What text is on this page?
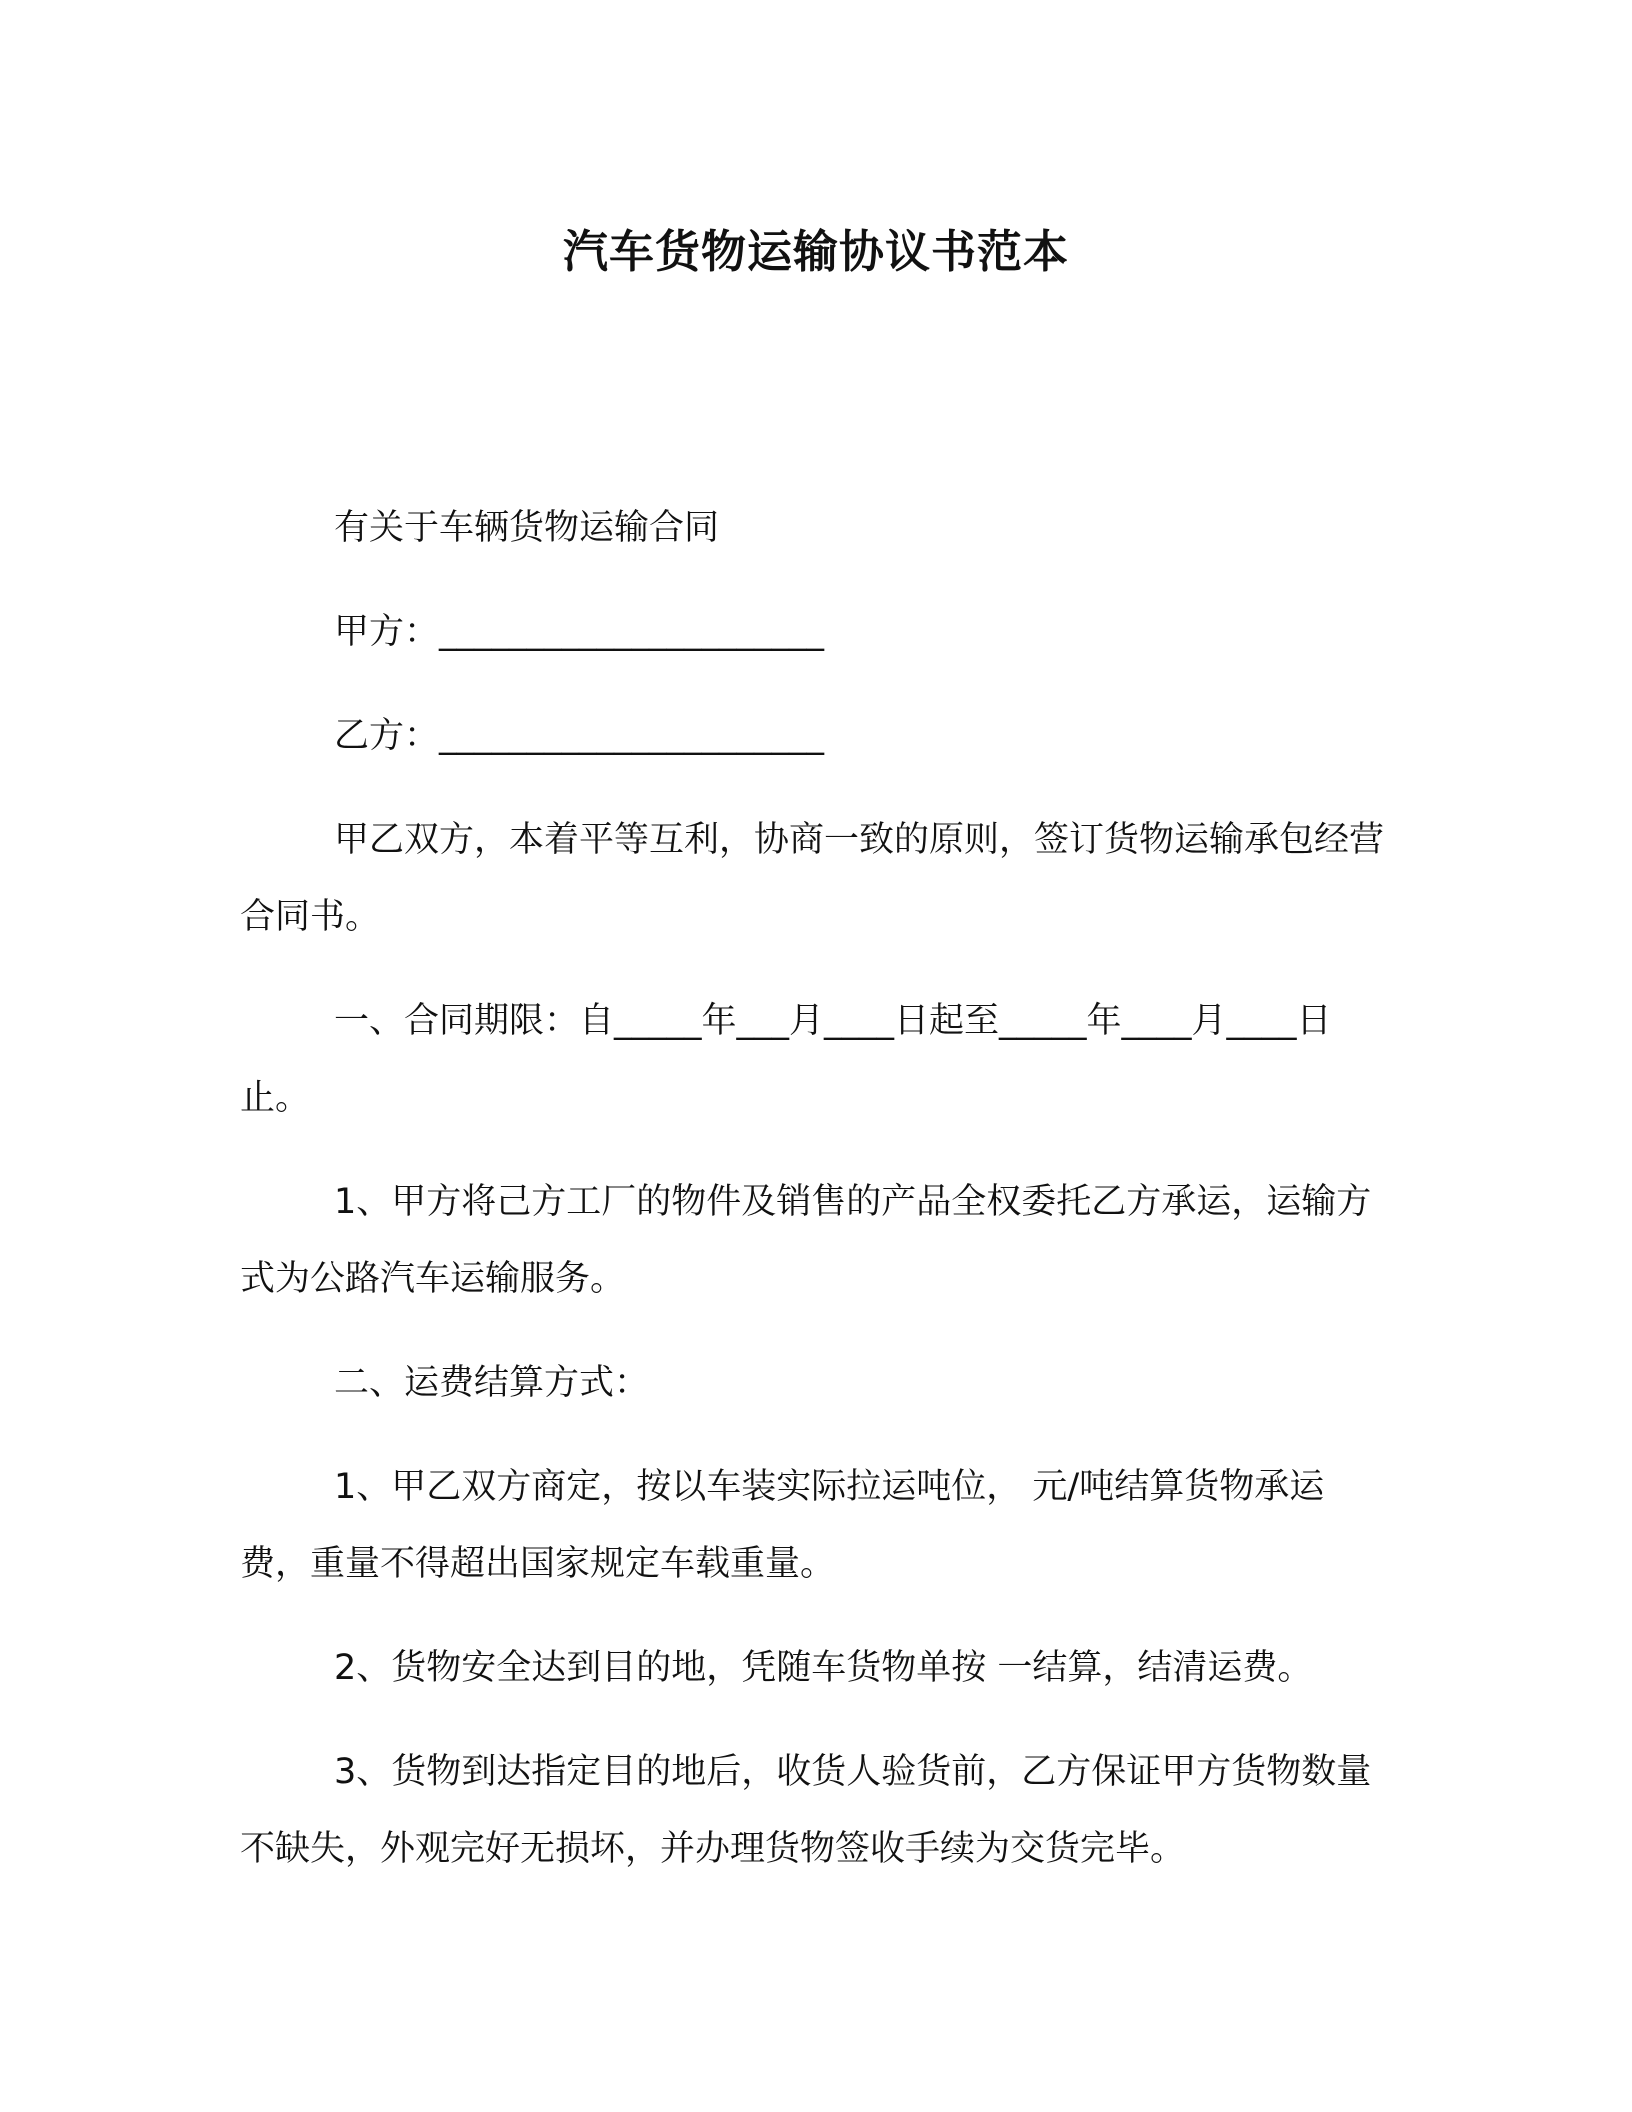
汽车货物运输协议书范本

有关于车辆货物运输合同

甲方：______________________

乙方：______________________

甲乙双方，本着平等互利，协商一致的原则，签订货物运输承包经营合同书。

一、合同期限：自_____年___月____日起至_____年____月____日止。

1、甲方将己方工厂的物件及销售的产品全权委托乙方承运，运输方式为公路汽车运输服务。

二、运费结算方式：

1、甲乙双方商定，按以车装实际拉运吨位， 元/吨结算货物承运费，重量不得超出国家规定车载重量。

2、货物安全达到目的地，凭随车货物单按 一结算，结清运费。

3、货物到达指定目的地后，收货人验货前，乙方保证甲方货物数量不缺失，外观完好无损坏，并办理货物签收手续为交货完毕。
